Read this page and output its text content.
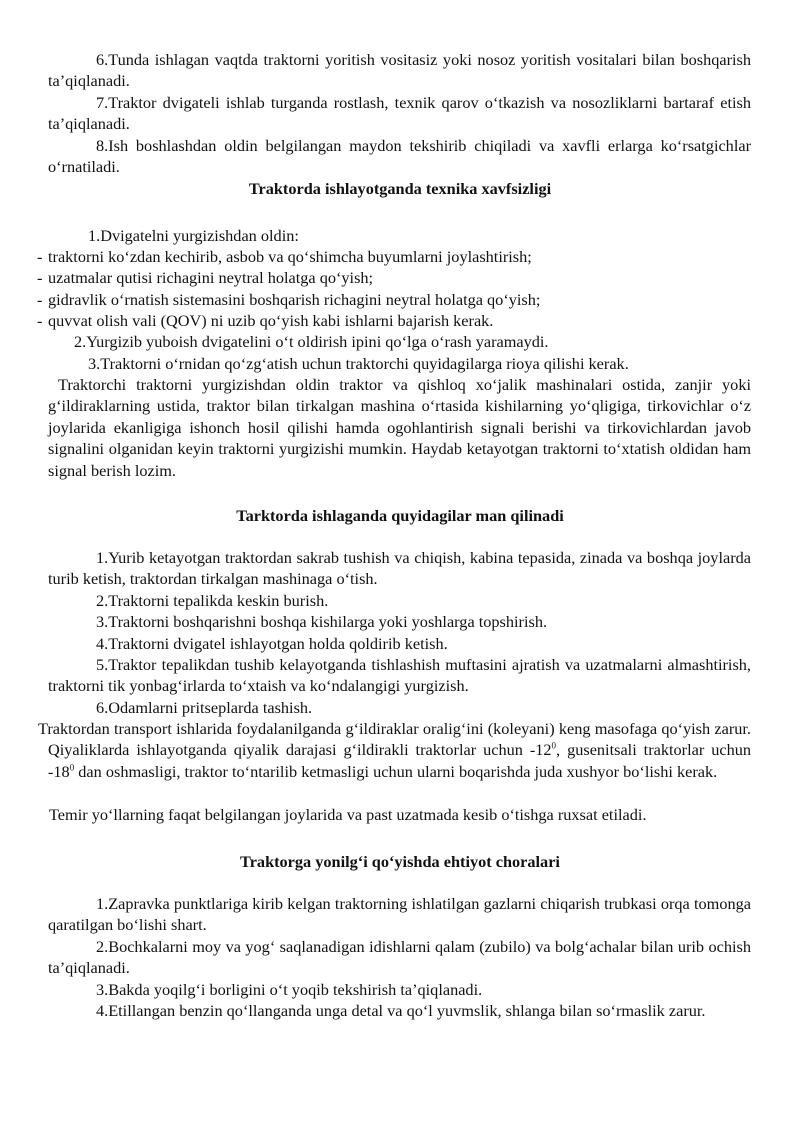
6.Tunda ishlagan vaqtda traktorni yoritish vositasiz yoki nosoz yoritish vositalari bilan boshqarish ta’qiqlanadi.

7.Traktor dvigateli ishlab turganda rostlash, texnik qarov o‘tkazish va nosozliklarni bartaraf etish ta’qiqlanadi.

8.Ish boshlashdan oldin belgilangan maydon tekshirib chiqiladi va xavfli erlarga ko‘rsatgichlar o‘rnatiladi.

Traktorda ishlayotganda texnika xavfsizligi

1.Dvigatelni yurgizishdan oldin:

- traktorni ko‘zdan kechirib, asbob va qo‘shimcha buyumlarni joylashtirish;

- uzatmalar qutisi richagini neytral holatga qo‘yish;

- gidravlik o‘rnatish sistemasini boshqarish richagini neytral holatga qo‘yish;

- quvvat olish vali (QOV) ni uzib qo‘yish kabi ishlarni bajarish kerak.

2.Yurgizib yuboish dvigatelini o‘t oldirish ipini qo‘lga o‘rash yaramaydi.

3.Traktorni o‘rnidan qo‘zg‘atish uchun traktorchi quyidagilarga rioya qilishi kerak.

Traktorchi traktorni yurgizishdan oldin traktor va qishloq xo‘jalik mashinalari ostida, zanjir yoki g‘ildiraklarning ustida, traktor bilan tirkalgan mashina o‘rtasida kishilarning yo‘qligiga, tirkovichlar o‘z joylarida ekanligiga ishonch hosil qilishi hamda ogohlantirish signali berishi va tirkovichlardan javob signalini olganidan keyin traktorni yurgizishi mumkin. Haydab ketayotgan traktorni to‘xtatish oldidan ham signal berish lozim.

Tarktorda ishlaganda quyidagilar man qilinadi

1.Yurib ketayotgan traktordan sakrab tushish va chiqish, kabina tepasida, zinada va boshqa joylarda turib ketish, traktordan tirkalgan mashinaga o‘tish.

2.Traktorni tepalikda keskin burish.

3.Traktorni boshqarishni boshqa kishilarga yoki yoshlarga topshirish.

4.Traktorni dvigatel ishlayotgan holda qoldirib ketish.

5.Traktor tepalikdan tushib kelayotganda tishlashish muftasini ajratish va uzatmalarni almashtirish, traktorni tik yonbag‘irlarda to‘xtaish va ko‘ndalangigi yurgizish.

6.Odamlarni pritseplarda tashish.

Traktordan transport ishlarida foydalanilganda g‘ildiraklar oralig‘ini (koleyani) keng masofaga qo‘yish zarur. Qiyaliklarda ishlayotganda qiyalik darajasi g‘ildirakli traktorlar uchun $-12^0$, gusenitsali traktorlar uchun $-18^0$ dan oshmasligi, traktor to‘ntarilib ketmasligi uchun ularni boqarishda juda xushyor bo‘lishi kerak.

Temir yo‘llarning faqat belgilangan joylarida va past uzatmada kesib o‘tishga ruxsat etiladi.

Traktorga yonilg‘i qo‘yishda ehtiyot choralari

1.Zapravka punktlariga kirib kelgan traktorning ishlatilgan gazlarni chiqarish trubkasi orqa tomonga qaratilgan bo‘lishi shart.

2.Bochkalarni moy va yog‘ saqlanadigan idishlarni qalam (zubilo) va bolg‘achalar bilan urib ochish ta’qiqlanadi.

3.Bakda yoqilg‘i borligini o‘t yoqib tekshirish ta’qiqlanadi.

4.Etillangan benzin qo‘llanganda unga detal va qo‘l yuvmslik, shlanga bilan so‘rmaslik zarur.
